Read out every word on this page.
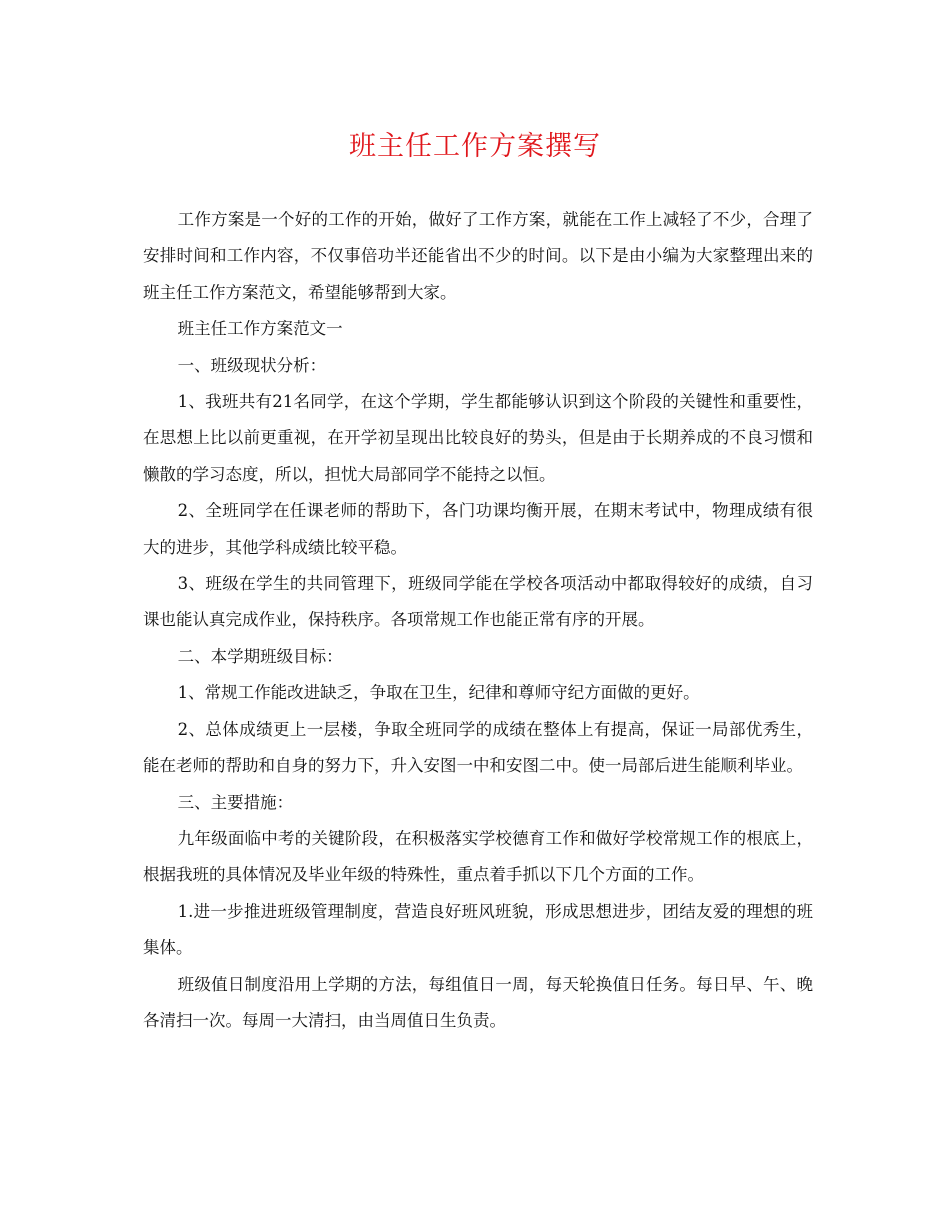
班主任工作方案撰写

工作方案是一个好的工作的开始，做好了工作方案，就能在工作上减轻了不少，合理了安排时间和工作内容，不仅事倍功半还能省出不少的时间。以下是由小编为大家整理出来的班主任工作方案范文，希望能够帮到大家。

班主任工作方案范文一

一、班级现状分析：

1、我班共有21名同学，在这个学期，学生都能够认识到这个阶段的关键性和重要性，在思想上比以前更重视，在开学初呈现出比较良好的势头，但是由于长期养成的不良习惯和懒散的学习态度，所以，担忧大局部同学不能持之以恒。

2、全班同学在任课老师的帮助下，各门功课均衡开展，在期末考试中，物理成绩有很大的进步，其他学科成绩比较平稳。

3、班级在学生的共同管理下，班级同学能在学校各项活动中都取得较好的成绩，自习课也能认真完成作业，保持秩序。各项常规工作也能正常有序的开展。

二、本学期班级目标：

1、常规工作能改进缺乏，争取在卫生，纪律和尊师守纪方面做的更好。

2、总体成绩更上一层楼，争取全班同学的成绩在整体上有提高，保证一局部优秀生，能在老师的帮助和自身的努力下，升入安图一中和安图二中。使一局部后进生能顺利毕业。

三、主要措施：

九年级面临中考的关键阶段，在积极落实学校德育工作和做好学校常规工作的根底上，根据我班的具体情况及毕业年级的特殊性，重点着手抓以下几个方面的工作。

1.进一步推进班级管理制度，营造良好班风班貌，形成思想进步，团结友爱的理想的班集体。

班级值日制度沿用上学期的方法，每组值日一周，每天轮换值日任务。每日早、午、晚各清扫一次。每周一大清扫，由当周值日生负责。
